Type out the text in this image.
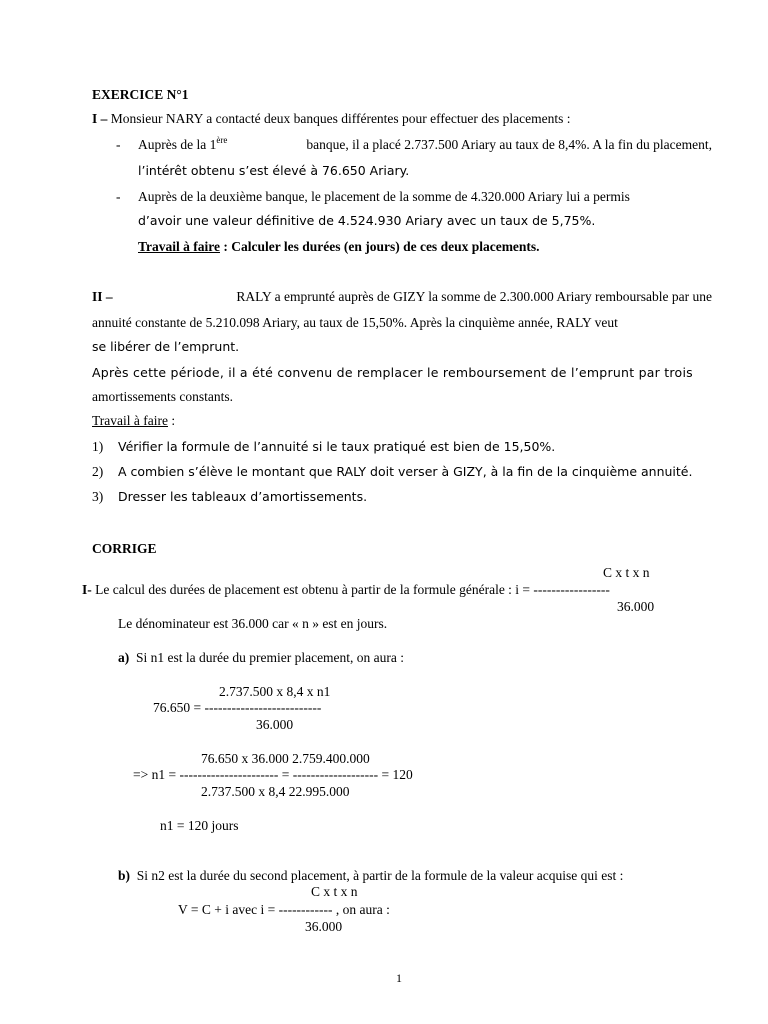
EXERCICE N°1
I – Monsieur NARY a contacté deux banques différentes pour effectuer des placements :
- Auprès de la 1ère	banque, il a placé 2.737.500 Ariary au taux de 8,4%. A la fin du placement,
l’intérêt obtenu s’est élevé à 76.650 Ariary.
- Auprès de la deuxième banque, le placement de la somme de 4.320.000 Ariary lui a permis
d’avoir une valeur définitive de 4.524.930 Ariary avec un taux de 5,75%.
Travail à faire : Calculer les durées (en jours) de ces deux placements.
II –	RALY a emprunté auprès de GIZY la somme de 2.300.000 Ariary remboursable par une
annuité constante de 5.210.098 Ariary, au taux de 15,50%. Après la cinquième année, RALY veut
se libérer de l’emprunt.
Après cette période, il a été convenu de remplacer le remboursement de l’emprunt par trois
amortissements constants.
Travail à faire :
1) Vérifier la formule de l’annuité si le taux pratiqué est bien de 15,50%.
2) A combien s’élève le montant que RALY doit verser à GIZY, à la fin de la cinquième annuité.
3) Dresser les tableaux d’amortissements.
CORRIGE
C x t x n
I- Le calcul des durées de placement est obtenu à partir de la formule générale : i = -----------------
36.000
Le dénominateur est 36.000 car « n » est en jours.
a) Si n1 est la durée du premier placement, on aura :
2.737.500 x 8,4 x n1
76.650 = --------------------------
36.000
76.650 x 36.000 2.759.400.000
=> n1 = ---------------------- = ------------------- = 120
2.737.500 x 8,4 22.995.000
n1 = 120 jours
b) Si n2 est la durée du second placement, à partir de la formule de la valeur acquise qui est :
C x t x n
V = C + i avec i = ------------ , on aura :
36.000
1
